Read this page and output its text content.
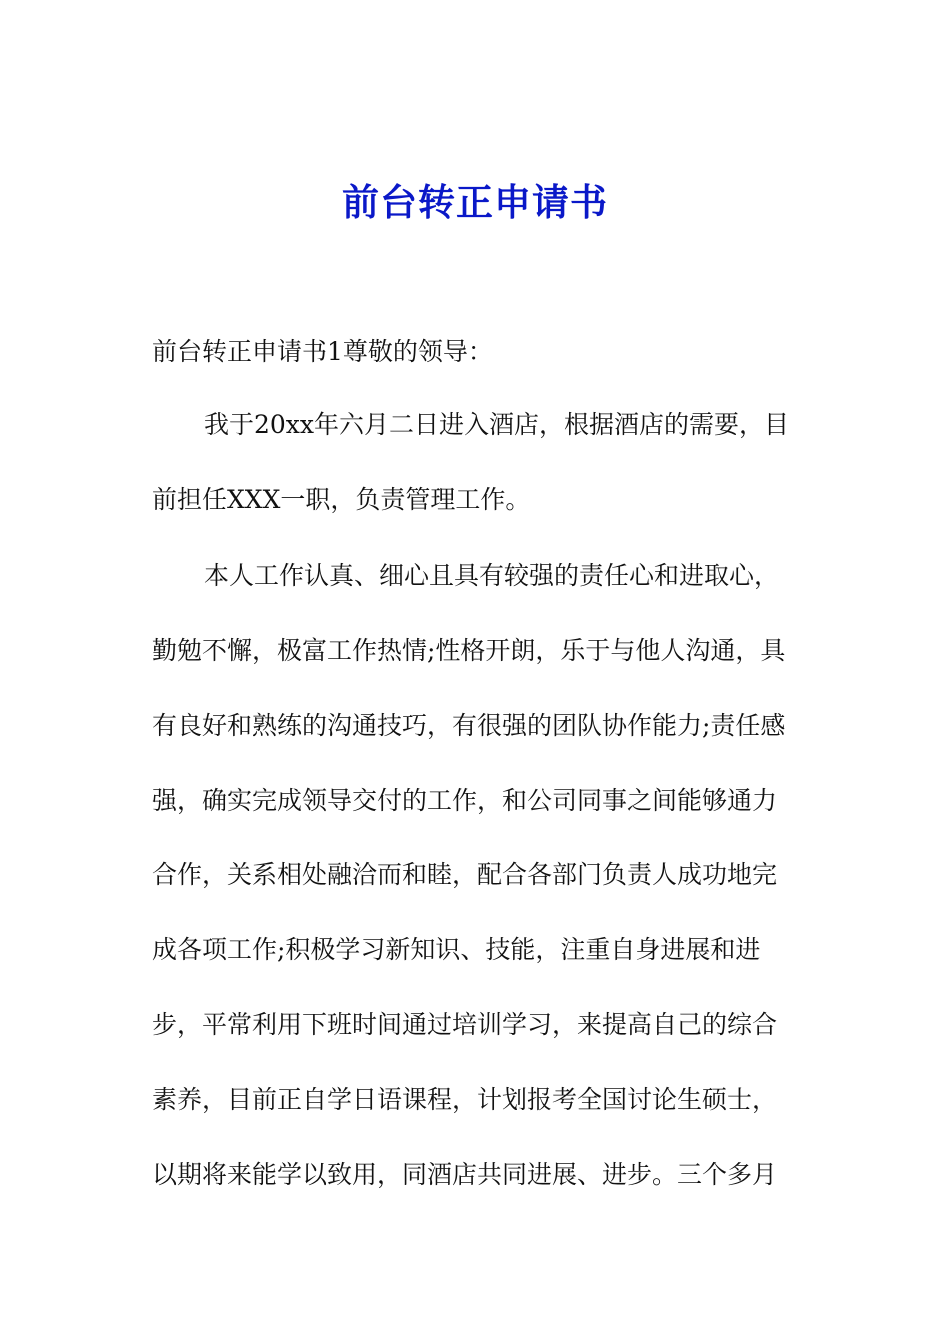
前台转正申请书
前台转正申请书1尊敬的领导：
我于20xx年六月二日进入酒店，根据酒店的需要，目
前担任XXX一职，负责管理工作。
本人工作认真、细心且具有较强的责任心和进取心，
勤勉不懈，极富工作热情;性格开朗，乐于与他人沟通，具
有良好和熟练的沟通技巧，有很强的团队协作能力;责任感
强，确实完成领导交付的工作，和公司同事之间能够通力
合作，关系相处融洽而和睦，配合各部门负责人成功地完
成各项工作;积极学习新知识、技能，注重自身进展和进
步，平常利用下班时间通过培训学习，来提高自己的综合
素养，目前正自学日语课程，计划报考全国讨论生硕士，
以期将来能学以致用，同酒店共同进展、进步。三个多月
